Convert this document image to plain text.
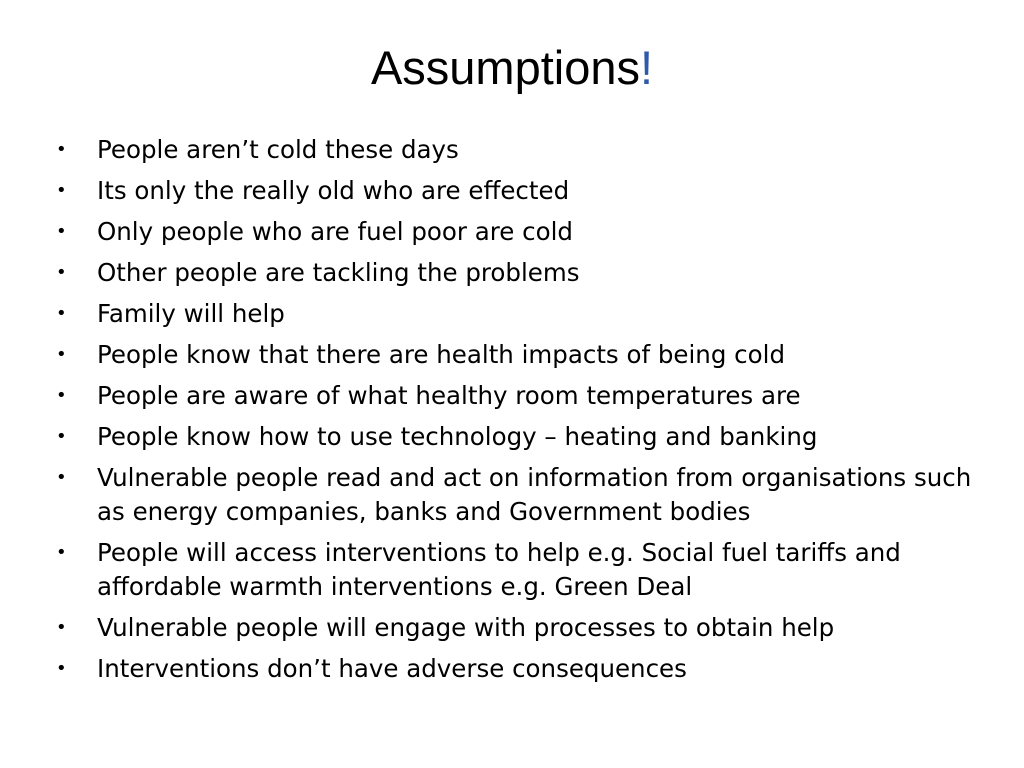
Assumptions!
• People aren’t cold these days
• Its only the really old who are effected
• Only people who are fuel poor are cold
• Other people are tackling the problems
• Family will help
• People know that there are health impacts of being cold
• People are aware of what healthy room temperatures are
• People know how to use technology – heating and banking
• Vulnerable people read and act on information from organisations such as energy companies, banks and Government bodies
• People will access interventions to help e.g. Social fuel tariffs and affordable warmth interventions e.g. Green Deal
• Vulnerable people will engage with processes to obtain help
• Interventions don’t have adverse consequences
